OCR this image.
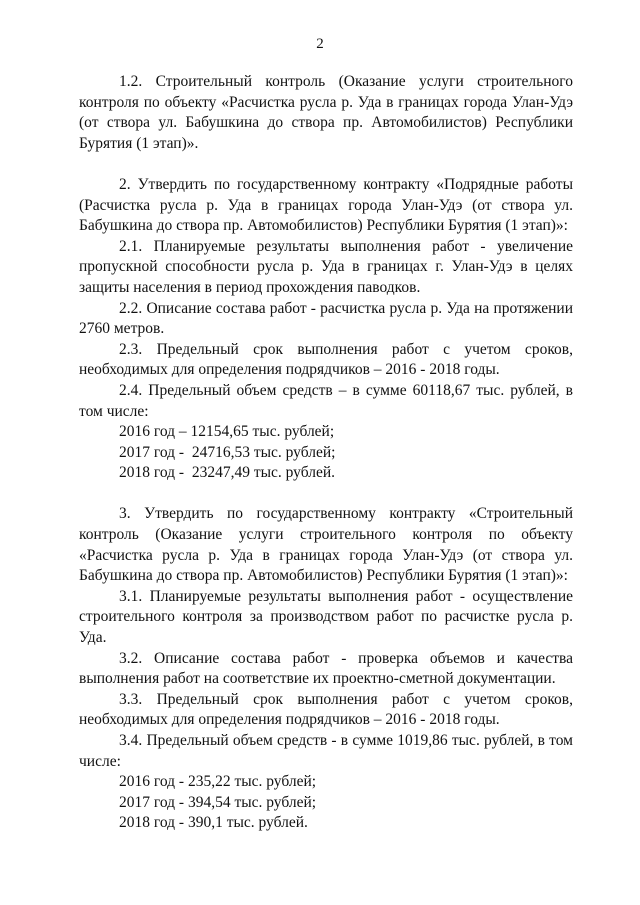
2

1.2. Строительный контроль (Оказание услуги строительного контроля по объекту «Расчистка русла р. Уда в границах города Улан-Удэ (от створа ул. Бабушкина до створа пр. Автомобилистов) Республики Бурятия (1 этап)».

2. Утвердить по государственному контракту «Подрядные работы (Расчистка русла р. Уда в границах города Улан-Удэ (от створа ул. Бабушкина до створа пр. Автомобилистов) Республики Бурятия (1 этап)»:

2.1. Планируемые результаты выполнения работ - увеличение пропускной способности русла р. Уда в границах г. Улан-Удэ в целях защиты населения в период прохождения паводков.

2.2. Описание состава работ - расчистка русла р. Уда на протяжении 2760 метров.

2.3. Предельный срок выполнения работ с учетом сроков, необходимых для определения подрядчиков – 2016 - 2018 годы.

2.4. Предельный объем средств – в сумме 60118,67 тыс. рублей, в том числе:

2016 год – 12154,65 тыс. рублей;

2017 год -  24716,53 тыс. рублей;

2018 год -  23247,49 тыс. рублей.

3. Утвердить по государственному контракту «Строительный контроль (Оказание услуги строительного контроля по объекту «Расчистка русла р. Уда в границах города Улан-Удэ (от створа ул. Бабушкина до створа пр. Автомобилистов) Республики Бурятия (1 этап)»:

3.1. Планируемые результаты выполнения работ - осуществление строительного контроля за производством работ по расчистке русла р. Уда.

3.2. Описание состава работ - проверка объемов и качества выполнения работ на соответствие их проектно-сметной документации.

3.3. Предельный срок выполнения работ с учетом сроков, необходимых для определения подрядчиков – 2016 - 2018 годы.

3.4. Предельный объем средств - в сумме 1019,86 тыс. рублей, в том числе:

2016 год - 235,22 тыс. рублей;

2017 год - 394,54 тыс. рублей;

2018 год - 390,1 тыс. рублей.
